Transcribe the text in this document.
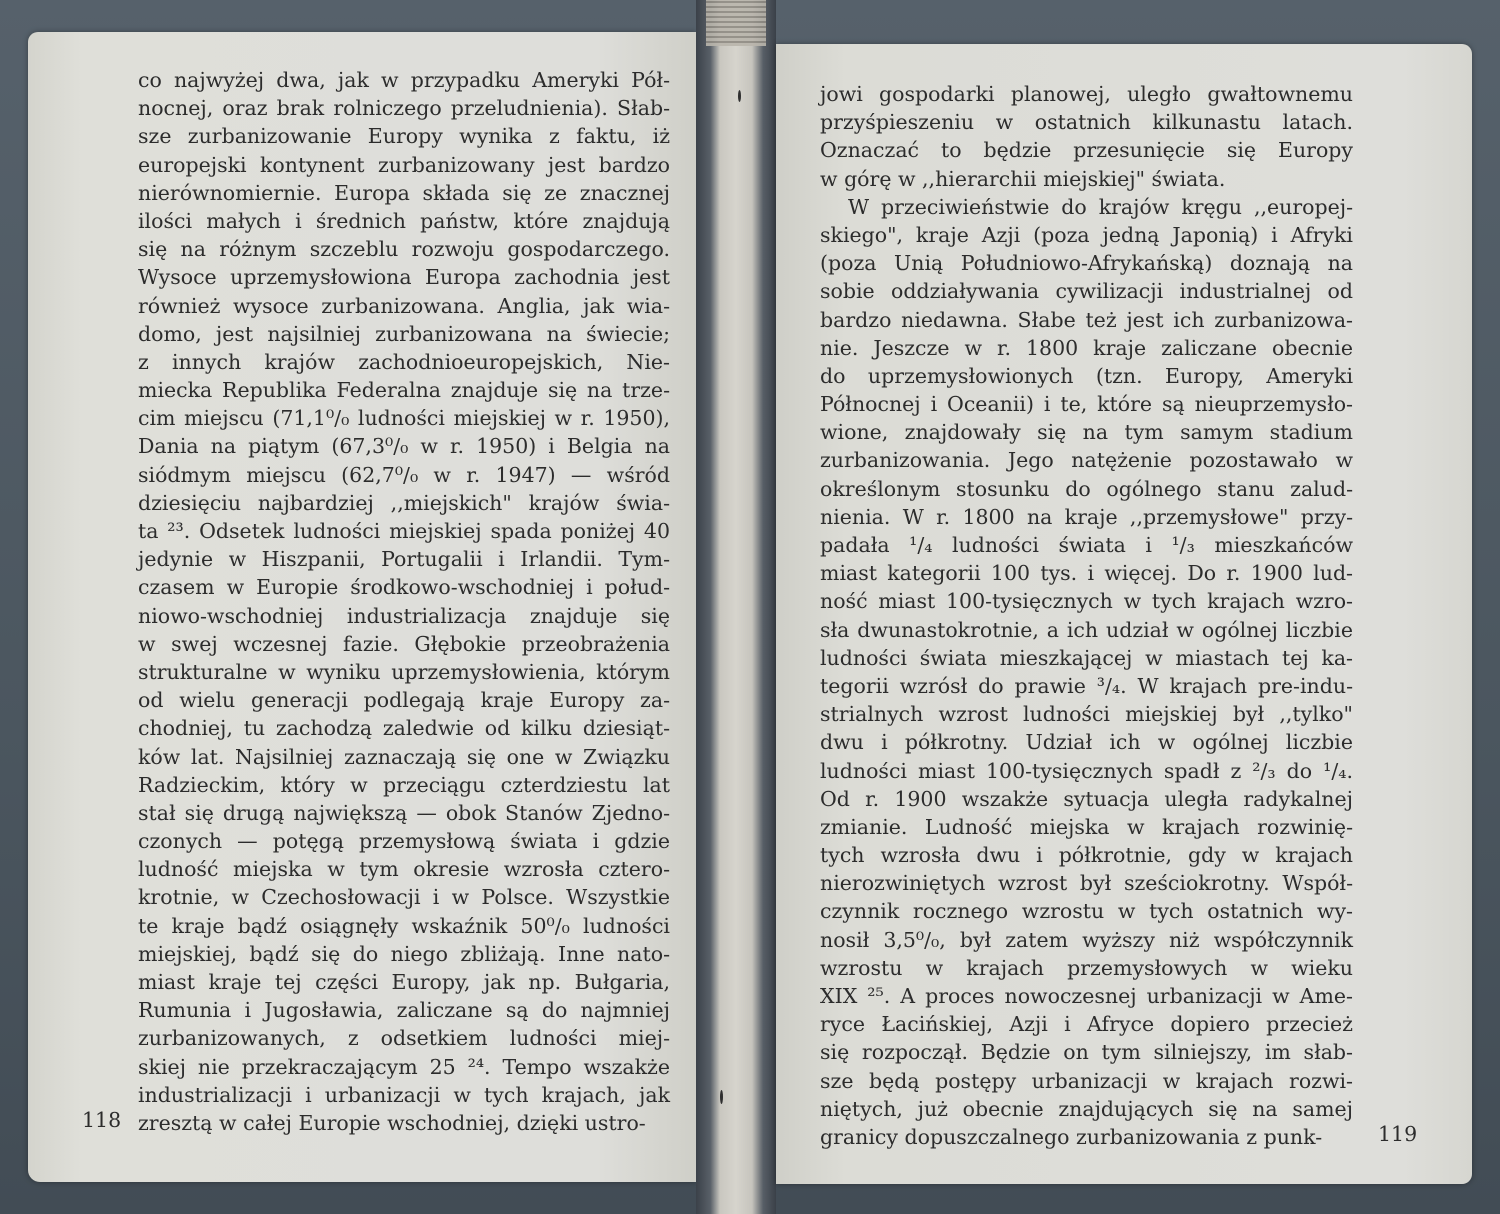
co najwyżej dwa, jak w przypadku Ameryki Pół-
nocnej, oraz brak rolniczego przeludnienia). Słab-
sze zurbanizowanie Europy wynika z faktu, iż
europejski kontynent zurbanizowany jest bardzo
nierównomiernie. Europa składa się ze znacznej
ilości małych i średnich państw, które znajdują
się na różnym szczeblu rozwoju gospodarczego.
Wysoce uprzemysłowiona Europa zachodnia jest
również wysoce zurbanizowana. Anglia, jak wia-
domo, jest najsilniej zurbanizowana na świecie;
z innych krajów zachodnioeuropejskich, Nie-
miecka Republika Federalna znajduje się na trze-
cim miejscu (71,1⁰/₀ ludności miejskiej w r. 1950),
Dania na piątym (67,3⁰/₀ w r. 1950) i Belgia na
siódmym miejscu (62,7⁰/₀ w r. 1947) — wśród
dziesięciu najbardziej ,,miejskich" krajów świa-
ta ²³. Odsetek ludności miejskiej spada poniżej 40
jedynie w Hiszpanii, Portugalii i Irlandii. Tym-
czasem w Europie środkowo-wschodniej i połud-
niowo-wschodniej industrializacja znajduje się
w swej wczesnej fazie. Głębokie przeobrażenia
strukturalne w wyniku uprzemysłowienia, którym
od wielu generacji podlegają kraje Europy za-
chodniej, tu zachodzą zaledwie od kilku dziesiąt-
ków lat. Najsilniej zaznaczają się one w Związku
Radzieckim, który w przeciągu czterdziestu lat
stał się drugą największą — obok Stanów Zjedno-
czonych — potęgą przemysłową świata i gdzie
ludność miejska w tym okresie wzrosła cztero-
krotnie, w Czechosłowacji i w Polsce. Wszystkie
te kraje bądź osiągnęły wskaźnik 50⁰/₀ ludności
miejskiej, bądź się do niego zbliżają. Inne nato-
miast kraje tej części Europy, jak np. Bułgaria,
Rumunia i Jugosławia, zaliczane są do najmniej
zurbanizowanych, z odsetkiem ludności miej-
skiej nie przekraczającym 25 ²⁴. Tempo wszakże
industrializacji i urbanizacji w tych krajach, jak
zresztą w całej Europie wschodniej, dzięki ustro-
jowi gospodarki planowej, uległo gwałtownemu
przyśpieszeniu w ostatnich kilkunastu latach.
Oznaczać to będzie przesunięcie się Europy
w górę w ,,hierarchii miejskiej" świata.
W przeciwieństwie do krajów kręgu ,,europej-
skiego", kraje Azji (poza jedną Japonią) i Afryki
(poza Unią Południowo-Afrykańską) doznają na
sobie oddziaływania cywilizacji industrialnej od
bardzo niedawna. Słabe też jest ich zurbanizowa-
nie. Jeszcze w r. 1800 kraje zaliczane obecnie
do uprzemysłowionych (tzn. Europy, Ameryki
Północnej i Oceanii) i te, które są nieuprzemysło-
wione, znajdowały się na tym samym stadium
zurbanizowania. Jego natężenie pozostawało w
określonym stosunku do ogólnego stanu zalud-
nienia. W r. 1800 na kraje ,,przemysłowe" przy-
padała ¹/₄ ludności świata i ¹/₃ mieszkańców
miast kategorii 100 tys. i więcej. Do r. 1900 lud-
ność miast 100-tysięcznych w tych krajach wzro-
sła dwunastokrotnie, a ich udział w ogólnej liczbie
ludności świata mieszkającej w miastach tej ka-
tegorii wzrósł do prawie ³/₄. W krajach pre-indu-
strialnych wzrost ludności miejskiej był ,,tylko"
dwu i półkrotny. Udział ich w ogólnej liczbie
ludności miast 100-tysięcznych spadł z ²/₃ do ¹/₄.
Od r. 1900 wszakże sytuacja uległa radykalnej
zmianie. Ludność miejska w krajach rozwinię-
tych wzrosła dwu i półkrotnie, gdy w krajach
nierozwiniętych wzrost był sześciokrotny. Współ-
czynnik rocznego wzrostu w tych ostatnich wy-
nosił 3,5⁰/₀, był zatem wyższy niż współczynnik
wzrostu w krajach przemysłowych w wieku
XIX ²⁵. A proces nowoczesnej urbanizacji w Ame-
ryce Łacińskiej, Azji i Afryce dopiero przecież
się rozpoczął. Będzie on tym silniejszy, im słab-
sze będą postępy urbanizacji w krajach rozwi-
niętych, już obecnie znajdujących się na samej
granicy dopuszczalnego zurbanizowania z punk-
118
119
